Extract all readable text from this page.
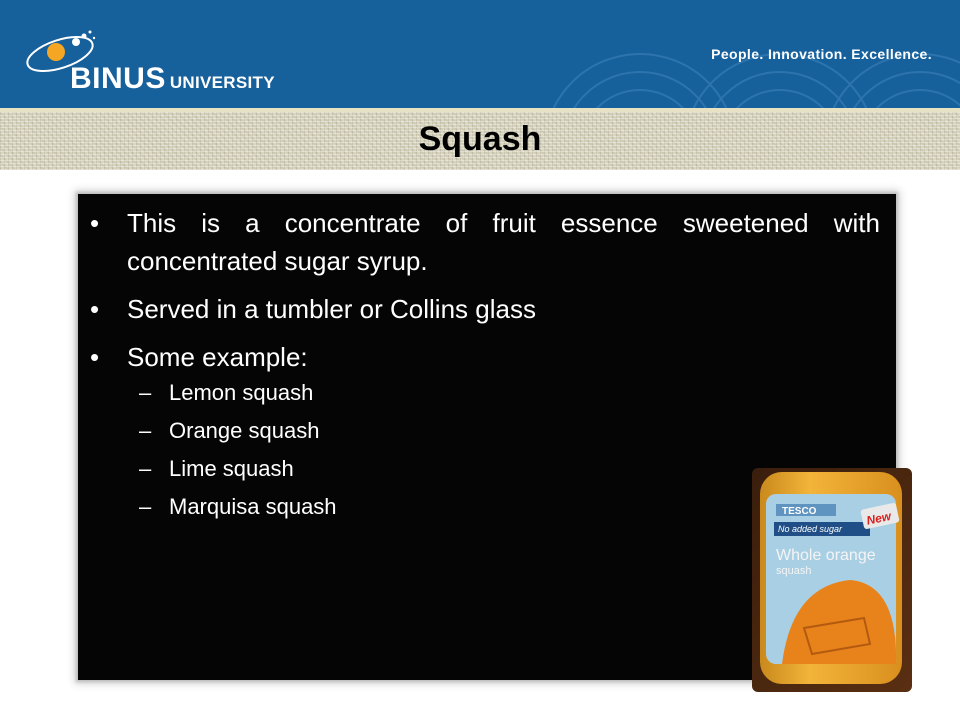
BINUS UNIVERSITY
People. Innovation. Excellence.
Squash
• This is a concentrate of fruit essence sweetened with concentrated sugar syrup.
• Served in a tumbler or Collins glass
• Some example:
– Lemon squash
– Orange squash
– Lime squash
– Marquisa squash	TESCO
No added sugar
New
Whole orange
squash
